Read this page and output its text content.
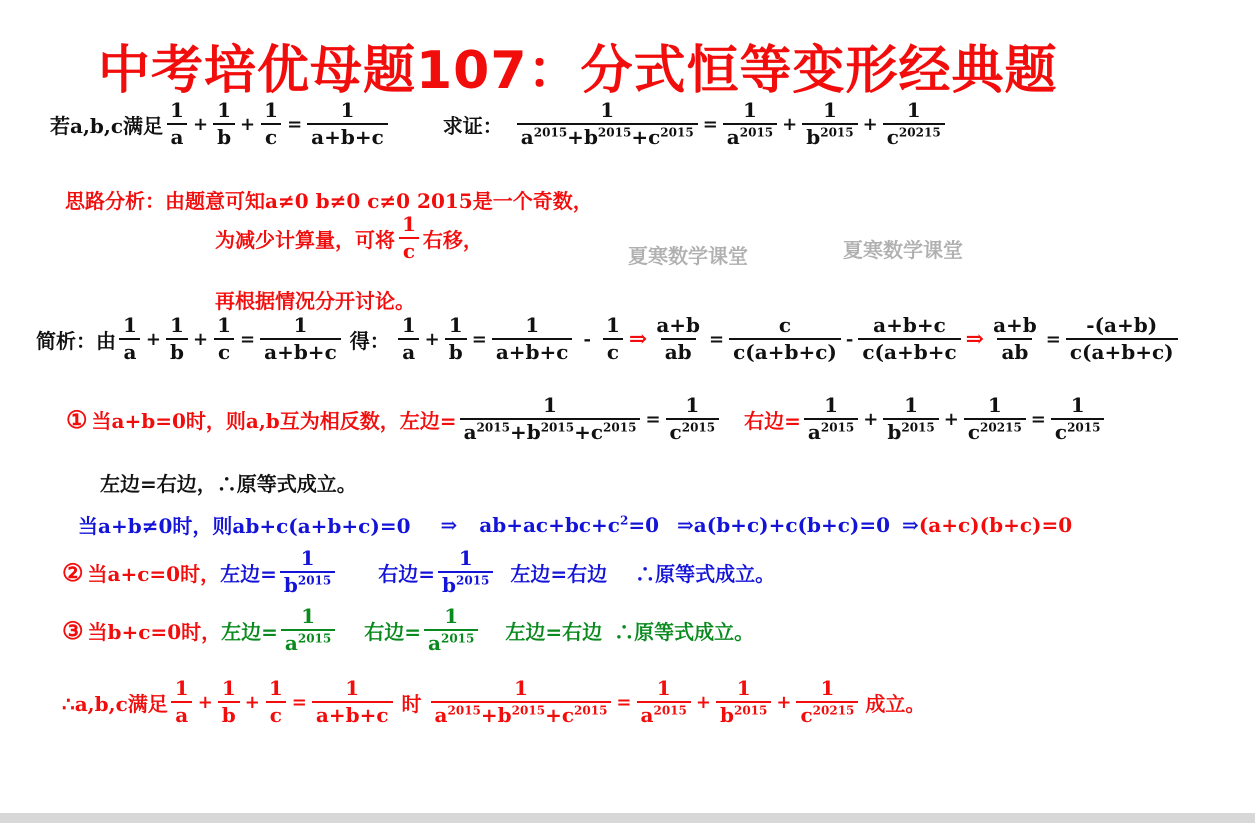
中考培优母题107：分式恒等变形经典题
若a,b,c满足 $\frac{1}{a} + \frac{1}{b} + \frac{1}{c} = \frac{1}{a+b+c}$	求证： $\frac{1}{a^{2015}+b^{2015}+c^{2015}} = \frac{1}{a^{2015}} + \frac{1}{b^{2015}} + \frac{1}{c^{20215}}$
思路分析：由题意可知a≠0 b≠0 c≠0 2015是一个奇数，
为减少计算量，可将 $\frac{1}{c}$ 右移，
夏寒数学课堂	夏寒数学课堂
再根据情况分开讨论。
简析：由 $\frac{1}{a} + \frac{1}{b} + \frac{1}{c} = \frac{1}{a+b+c}$ 得： $\frac{1}{a} + \frac{1}{b} = \frac{1}{a+b+c} - \frac{1}{c}$ ⇒ $\frac{a+b}{ab} = \frac{c}{c(a+b+c)} - \frac{a+b+c}{c(a+b+c}$ ⇒ $\frac{a+b}{ab} = \frac{-(a+b)}{c(a+b+c)}$
① 当a+b=0时，则a,b互为相反数，左边= $\frac{1}{a^{2015}+b^{2015}+c^{2015}} = \frac{1}{c^{2015}}$ 右边= $\frac{1}{a^{2015}} + \frac{1}{b^{2015}} + \frac{1}{c^{20215}} = \frac{1}{c^{2015}}$
左边=右边，∴原等式成立。
当a+b≠0时，则ab+c(a+b+c)=0 ⇒ $ab+ac+bc+c^2=0$ ⇒a(b+c)+c(b+c)=0 ⇒ (a+c)(b+c)=0
② 当a+c=0时， 左边= $\frac{1}{b^{2015}}$ 右边= $\frac{1}{b^{2015}}$ 左边=右边 ∴原等式成立。
③ 当b+c=0时， 左边= $\frac{1}{a^{2015}}$ 右边= $\frac{1}{a^{2015}}$ 左边=右边 ∴原等式成立。
∴a,b,c满足 $\frac{1}{a} + \frac{1}{b} + \frac{1}{c} = \frac{1}{a+b+c}$ 时 $\frac{1}{a^{2015}+b^{2015}+c^{2015}} = \frac{1}{a^{2015}} + \frac{1}{b^{2015}} + \frac{1}{c^{20215}}$ 成立。
